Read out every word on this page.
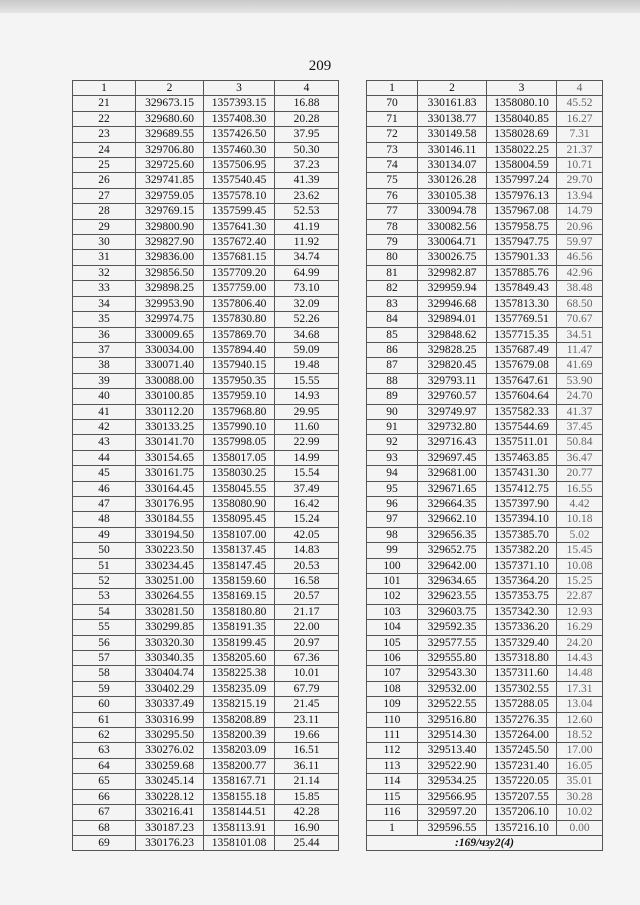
209
1	2	3	4
21	329673.15	1357393.15	16.88
22	329680.60	1357408.30	20.28
23	329689.55	1357426.50	37.95
24	329706.80	1357460.30	50.30
25	329725.60	1357506.95	37.23
26	329741.85	1357540.45	41.39
27	329759.05	1357578.10	23.62
28	329769.15	1357599.45	52.53
29	329800.90	1357641.30	41.19
30	329827.90	1357672.40	11.92
31	329836.00	1357681.15	34.74
32	329856.50	1357709.20	64.99
33	329898.25	1357759.00	73.10
34	329953.90	1357806.40	32.09
35	329974.75	1357830.80	52.26
36	330009.65	1357869.70	34.68
37	330034.00	1357894.40	59.09
38	330071.40	1357940.15	19.48
39	330088.00	1357950.35	15.55
40	330100.85	1357959.10	14.93
41	330112.20	1357968.80	29.95
42	330133.25	1357990.10	11.60
43	330141.70	1357998.05	22.99
44	330154.65	1358017.05	14.99
45	330161.75	1358030.25	15.54
46	330164.45	1358045.55	37.49
47	330176.95	1358080.90	16.42
48	330184.55	1358095.45	15.24
49	330194.50	1358107.00	42.05
50	330223.50	1358137.45	14.83
51	330234.45	1358147.45	20.53
52	330251.00	1358159.60	16.58
53	330264.55	1358169.15	20.57
54	330281.50	1358180.80	21.17
55	330299.85	1358191.35	22.00
56	330320.30	1358199.45	20.97
57	330340.35	1358205.60	67.36
58	330404.74	1358225.38	10.01
59	330402.29	1358235.09	67.79
60	330337.49	1358215.19	21.45
61	330316.99	1358208.89	23.11
62	330295.50	1358200.39	19.66
63	330276.02	1358203.09	16.51
64	330259.68	1358200.77	36.11
65	330245.14	1358167.71	21.14
66	330228.12	1358155.18	15.85
67	330216.41	1358144.51	42.28
68	330187.23	1358113.91	16.90
69	330176.23	1358101.08	25.44
1	2	3	4
70	330161.83	1358080.10	45.52
71	330138.77	1358040.85	16.27
72	330149.58	1358028.69	7.31
73	330146.11	1358022.25	21.37
74	330134.07	1358004.59	10.71
75	330126.28	1357997.24	29.70
76	330105.38	1357976.13	13.94
77	330094.78	1357967.08	14.79
78	330082.56	1357958.75	20.96
79	330064.71	1357947.75	59.97
80	330026.75	1357901.33	46.56
81	329982.87	1357885.76	42.96
82	329959.94	1357849.43	38.48
83	329946.68	1357813.30	68.50
84	329894.01	1357769.51	70.67
85	329848.62	1357715.35	34.51
86	329828.25	1357687.49	11.47
87	329820.45	1357679.08	41.69
88	329793.11	1357647.61	53.90
89	329760.57	1357604.64	24.70
90	329749.97	1357582.33	41.37
91	329732.80	1357544.69	37.45
92	329716.43	1357511.01	50.84
93	329697.45	1357463.85	36.47
94	329681.00	1357431.30	20.77
95	329671.65	1357412.75	16.55
96	329664.35	1357397.90	4.42
97	329662.10	1357394.10	10.18
98	329656.35	1357385.70	5.02
99	329652.75	1357382.20	15.45
100	329642.00	1357371.10	10.08
101	329634.65	1357364.20	15.25
102	329623.55	1357353.75	22.87
103	329603.75	1357342.30	12.93
104	329592.35	1357336.20	16.29
105	329577.55	1357329.40	24.20
106	329555.80	1357318.80	14.43
107	329543.30	1357311.60	14.48
108	329532.00	1357302.55	17.31
109	329522.55	1357288.05	13.04
110	329516.80	1357276.35	12.60
111	329514.30	1357264.00	18.52
112	329513.40	1357245.50	17.00
113	329522.90	1357231.40	16.05
114	329534.25	1357220.05	35.01
115	329566.95	1357207.55	30.28
116	329597.20	1357206.10	10.02
1	329596.55	1357216.10	0.00
:169/чзу2(4)			
